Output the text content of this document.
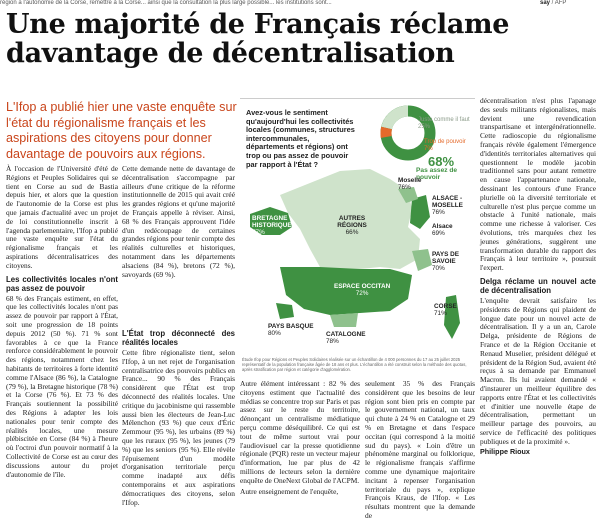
région a l'autonomie de la Corse, remettre à la Corse... ainsi que la consultation la plus large possible... les institutions sont...	say / AFP
Une majorité de Français réclame davantage de décentralisation
L'Ifop a publié hier une vaste enquête sur l'état du régionalisme français et les aspirations des citoyens pour donner davantage de pouvoirs aux régions.

À l'occasion de l'Université d'été de Régions et Peuples Solidaires qui se tient en Corse au sud de Bastia depuis hier, et alors que la question de l'autonomie de la Corse est plus que jamais d'actualité avec un projet de loi constitutionnelle inscrit à l'agenda parlementaire, l'Ifop a publié une vaste enquête sur l'état du régionalisme français et les aspirations décentralisatrices des citoyens.

Les collectivités locales n'ont pas assez de pouvoir

68 % des Français estiment, en effet, que les collectivités locales n'ont pas assez de pouvoir par rapport à l'État, soit une progression de 18 points depuis 2012 (50 %). 71 % sont favorables à ce que la France renforce considérablement le pouvoir des régions, notamment chez les habitants de territoires à forte identité comme l'Alsace (86 %), la Catalogne (79 %), la Bretagne historique (78 %) et la Corse (76 %). Et 73 % des Français soutiennent la possibilité des Régions à adapter les lois nationales pour tenir compte des réalités locales, une mesure plébiscitée en Corse (84 %) à l'heure où l'octroi d'un pouvoir normatif à la Collectivité de Corse est au cœur des discussions autour du projet d'autonomie de l'île.

Cette demande nette de davantage de décentralisation s'accompagne par ailleurs d'une critique de la réforme institutionnelle de 2015 qui avait créé les grandes régions et qu'une majorité de Français appelle à réviser. Ainsi, 68 % des Français approuvent l'idée d'un redécoupage de certaines grandes régions pour tenir compte des réalités culturelles et historiques, notamment dans les départements alsaciens (84 %), bretons (72 %), savoyards (69 %).

L'État trop déconnecté des réalités locales

Cette fibre régionaliste tient, selon l'Ifop, à un net rejet de l'organisation centralisatrice des pouvoirs publics en France... 90 % des Français considèrent que l'État est trop déconnecté des réalités locales. Une critique du jacobinisme qui rassemble aussi bien les électeurs de Jean-Luc Mélenchon (93 %) que ceux d'Éric Zemmour (95 %), les urbains (89 %) que les ruraux (95 %), les jeunes (79 %) que les seniors (95 %). Elle révèle l'épuisement d'un modèle d'organisation territoriale perçu comme inadapté aux défis contemporains et aux aspirations démocratiques des citoyens, selon l'Ifop.

Autre élément intéressant : 82 % des citoyens estiment que l'actualité des médias se concentre trop sur Paris et pas assez sur le reste du territoire, dénonçant un centralisme médiatique perçu comme déséquilibré. Ce qui est tout de même surtout vrai pour l'audiovisuel car la presse quotidienne régionale (PQR) reste un vecteur majeur d'information, lue par plus de 42 millions de lecteurs selon la dernière enquête de OneNext Global de l'ACPM.

Autre enseignement de l'enquête,

seulement 35 % des Français considèrent que les besoins de leur région sont bien pris en compte par le gouvernement national, un taux qui chute à 24 % en Catalogne et 29 % en Bretagne et dans l'espace occitan (qui correspond à la moitié sud du pays). « Loin d'être un phénomène marginal ou folklorique, le régionalisme français s'affirme comme une dynamique majoritaire incitant à repenser l'organisation territoriale du pays », explique François Kraus, de l'Ifop. « Les résultats montrent que la demande de

décentralisation n'est plus l'apanage des seuls militants régionalistes, mais devient une revendication transpartisane et intergénérationnelle. Cette radioscopie du régionalisme français révèle également l'émergence d'identités territoriales alternatives qui questionnent le modèle jacobin traditionnel sans pour autant remettre en cause l'appartenance nationale, dessinant les contours d'une France plurielle où la diversité territoriale et culturelle n'est plus perçue comme un obstacle à l'unité nationale, mais comme une richesse à valoriser. Ces évolutions, très marquées chez les jeunes générations, suggèrent une transformation durable du rapport des Français à leur territoire », poursuit l'expert.

Delga réclame un nouvel acte de décentralisation

L'enquête devrait satisfaire les présidents de Régions qui plaident de longue date pour un nouvel acte de décentralisation. Il y a un an, Carole Delga, présidente de Régions de France et de la Région Occitanie et Renaud Muselier, président délégué et président de la Région Sud, avaient été reçus à sa demande par Emmanuel Macron. Ils lui avaient demandé « d'instaurer un meilleur équilibre des rapports entre l'État et les collectivités et d'initier une nouvelle étape de décentralisation, permettant un meilleur partage des pouvoirs, au service de l'efficacité des politiques publiques et de la proximité ».

Philippe Rioux
Avez-vous le sentiment qu'aujourd'hui les collectivités locales (communes, structures intercommunales, départements et régions) ont trop ou pas assez de pouvoir par rapport à l'État ?
Juste comme il faut
25%
Trop de pouvoir
7%
68%
Pas assez de pouvoir
Moselle
76%
ALSACE - MOSELLE
76%
Alsace
69%
BRETAGNE HISTORIQUE
77%
AUTRES RÉGIONS
66%
PAYS DE SAVOIE
70%
ESPACE OCCITAN
72%
PAYS BASQUE
80%	CATALOGNE
78%
CORSE
71%
Étude Ifop pour Régions et Peuples Solidaires réalisée sur un échantillon de 4 000 personnes du 17 au 25 juillet 2025 représentatif de la population française âgée de 18 ans et plus. L'échantillon a été construit selon la méthode des quotas, après stratification par région et catégorie d'agglomération.
